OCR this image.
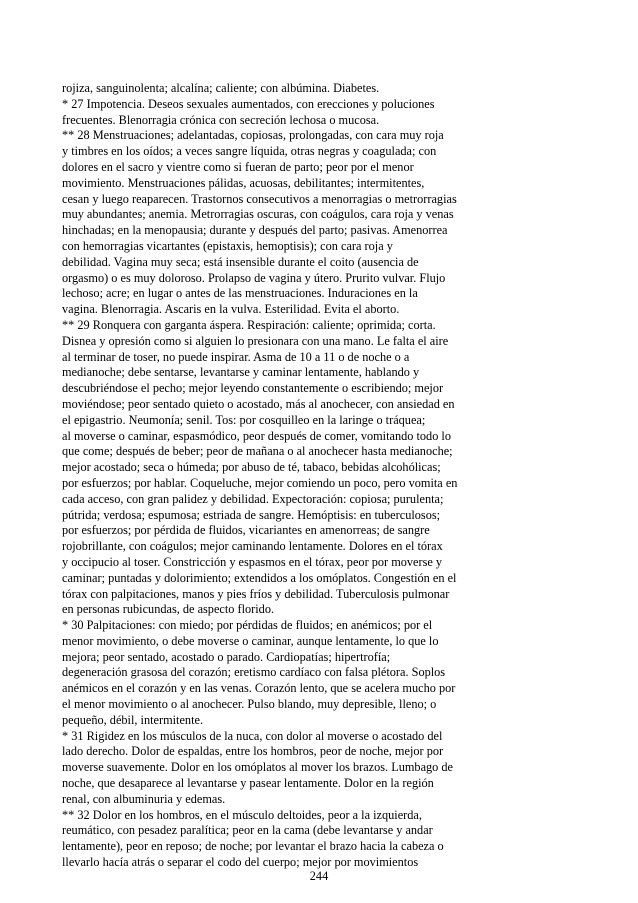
rojiza, sanguinolenta; alcalína; caliente; con albúmina. Diabetes.
* 27 Impotencia. Deseos sexuales aumentados, con erecciones y poluciones
frecuentes. Blenorragia crónica con secreción lechosa o mucosa.
** 28 Menstruaciones; adelantadas, copiosas, prolongadas, con cara muy roja
y timbres en los oídos; a veces sangre líquida, otras negras y coagulada; con
dolores en el sacro y vientre como si fueran de parto; peor por el menor
movimiento. Menstruaciones pálidas, acuosas, debilitantes; intermitentes,
cesan y luego reaparecen. Trastornos consecutivos a menorragias o metrorragias
muy abundantes; anemia. Metrorragias oscuras, con coágulos, cara roja y venas
hinchadas; en la menopausia; durante y después del parto; pasivas. Amenorrea
con hemorragias vicartantes (epistaxis, hemoptisis); con cara roja y
debilidad. Vagina muy seca; está insensible durante el coito (ausencia de
orgasmo) o es muy doloroso. Prolapso de vagina y útero. Prurito vulvar. Flujo
lechoso; acre; en lugar o antes de las menstruaciones. Induraciones en la
vagina. Blenorragia. Ascaris en la vulva. Esterilidad. Evita el aborto.
** 29 Ronquera con garganta áspera. Respiración: caliente; oprimida; corta.
Disnea y opresión como si alguien lo presionara con una mano. Le falta el aire
al terminar de toser, no puede inspirar. Asma de 10 a 11 o de noche o a
medianoche; debe sentarse, levantarse y caminar lentamente, hablando y
descubriéndose el pecho; mejor leyendo constantemente o escribiendo; mejor
moviéndose; peor sentado quieto o acostado, más al anochecer, con ansiedad en
el epigastrio. Neumonía; senil. Tos: por cosquilleo en la laringe o tráquea;
al moverse o caminar, espasmódico, peor después de comer, vomitando todo lo
que come; después de beber; peor de mañana o al anochecer hasta medianoche;
mejor acostado; seca o húmeda; por abuso de té, tabaco, bebidas alcohólicas;
por esfuerzos; por hablar. Coqueluche, mejor comiendo un poco, pero vomita en
cada acceso, con gran palidez y debilidad. Expectoración: copiosa; purulenta;
pútrida; verdosa; espumosa; estriada de sangre. Hemóptisis: en tuberculosos;
por esfuerzos; por pérdida de fluidos, vicariantes en amenorreas; de sangre
rojobrillante, con coágulos; mejor caminando lentamente. Dolores en el tórax
y occipucio al toser. Constricción y espasmos en el tórax, peor por moverse y
caminar; puntadas y dolorimiento; extendidos a los omóplatos. Congestión en el
tórax con palpitaciones, manos y pies fríos y debilidad. Tuberculosis pulmonar
en personas rubicundas, de aspecto florido.
* 30 Palpitaciones: con miedo; por pérdidas de fluidos; en anémicos; por el
menor movimiento, o debe moverse o caminar, aunque lentamente, lo que lo
mejora; peor sentado, acostado o parado. Cardiopatías; hipertrofía;
degeneración grasosa del corazón; eretismo cardíaco con falsa plétora. Soplos
anémicos en el corazón y en las venas. Corazón lento, que se acelera mucho por
el menor movimiento o al anochecer. Pulso blando, muy depresible, lleno; o
pequeño, débil, intermitente.
* 31 Rigidez en los músculos de la nuca, con dolor al moverse o acostado del
lado derecho. Dolor de espaldas, entre los hombros, peor de noche, mejor por
moverse suavemente. Dolor en los omóplatos al mover los brazos. Lumbago de
noche, que desaparece al levantarse y pasear lentamente. Dolor en la región
renal, con albuminuria y edemas.
** 32 Dolor en los hombros, en el músculo deltoides, peor a la izquierda,
reumático, con pesadez paralítica; peor en la cama (debe levantarse y andar
lentamente), peor en reposo; de noche; por levantar el brazo hacia la cabeza o
llevarlo hacía atrás o separar el codo del cuerpo; mejor por movimientos
244
